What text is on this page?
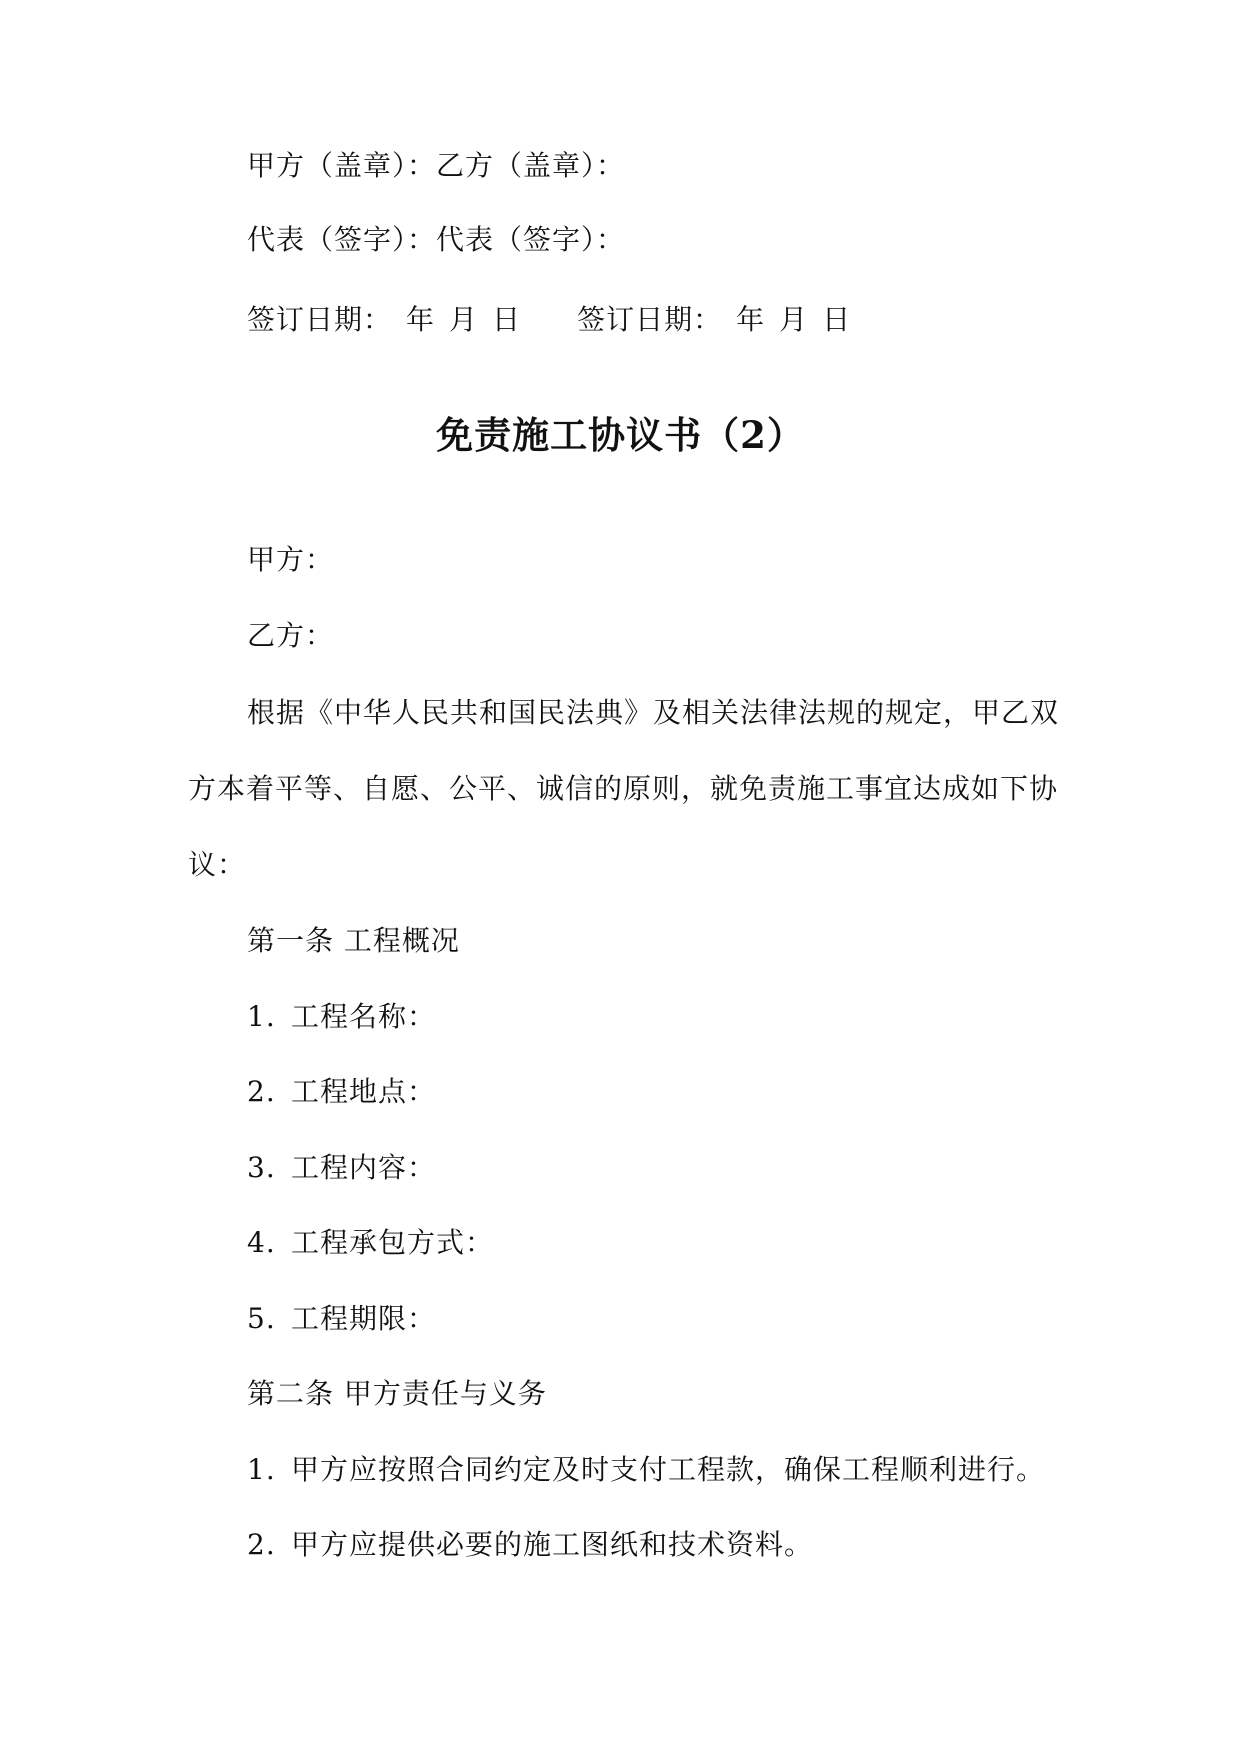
甲方（盖章）：乙方（盖章）：
代表（签字）：代表（签字）：
签订日期： 年 月 日 签订日期： 年 月 日
免责施工协议书（2）
甲方：
乙方：
根据《中华人民共和国民法典》及相关法律法规的规定，甲乙双
方本着平等、自愿、公平、诚信的原则，就免责施工事宜达成如下协
议：
第一条 工程概况
1. 工程名称：
2. 工程地点：
3. 工程内容：
4. 工程承包方式：
5. 工程期限：
第二条 甲方责任与义务
1. 甲方应按照合同约定及时支付工程款，确保工程顺利进行。
2. 甲方应提供必要的施工图纸和技术资料。
